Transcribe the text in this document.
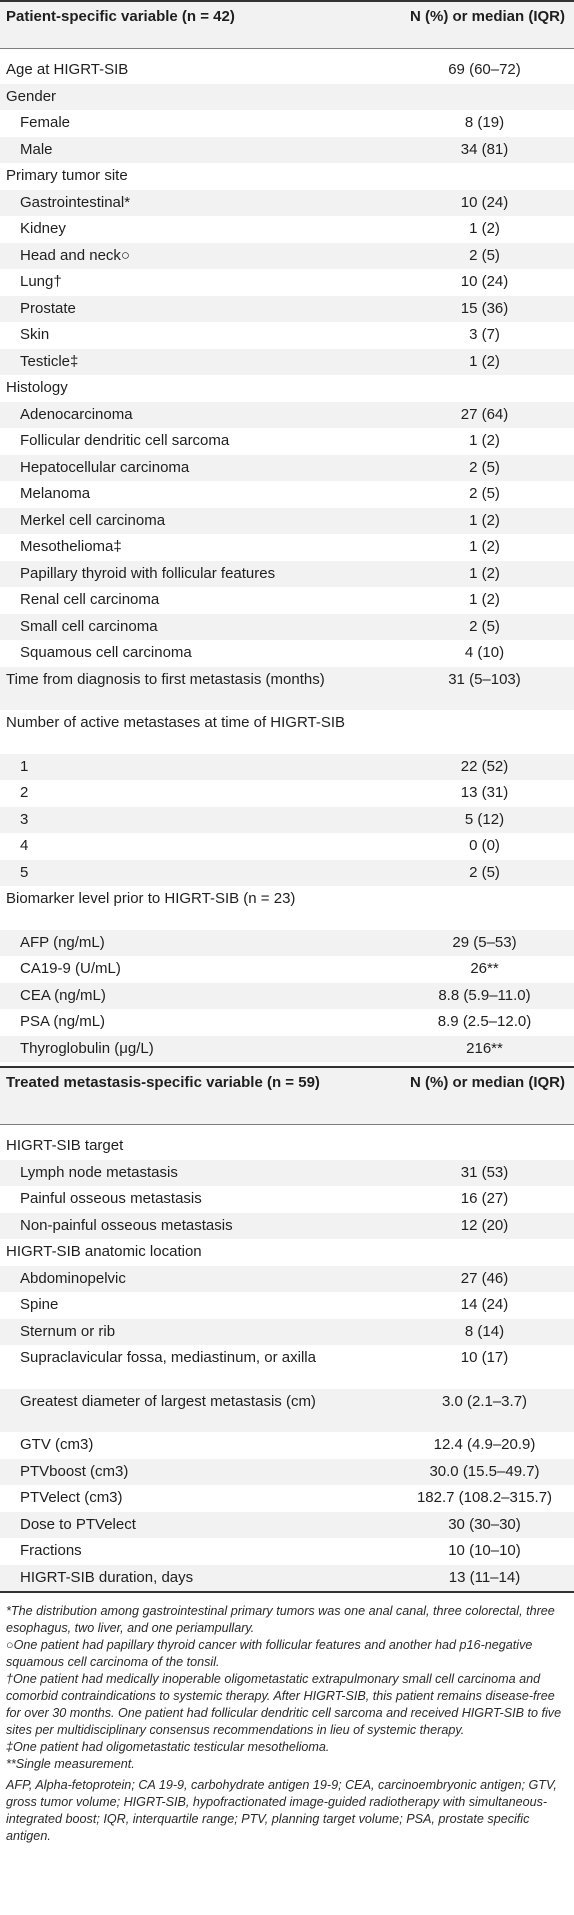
Patient-specific variable (n = 42)	N (%) or median (IQR)
Age at HIGRT-SIB	69 (60–72)
Gender
Female	8 (19)
Male	34 (81)
Primary tumor site
Gastrointestinal*	10 (24)
Kidney	1 (2)
Head and neck○	2 (5)
Lung†	10 (24)
Prostate	15 (36)
Skin	3 (7)
Testicle‡	1 (2)
Histology
Adenocarcinoma	27 (64)
Follicular dendritic cell sarcoma	1 (2)
Hepatocellular carcinoma	2 (5)
Melanoma	2 (5)
Merkel cell carcinoma	1 (2)
Mesothelioma‡	1 (2)
Papillary thyroid with follicular features	1 (2)
Renal cell carcinoma	1 (2)
Small cell carcinoma	2 (5)
Squamous cell carcinoma	4 (10)
Time from diagnosis to first metastasis (months)	31 (5–103)
Number of active metastases at time of HIGRT-SIB
1	22 (52)
2	13 (31)
3	5 (12)
4	0 (0)
5	2 (5)
Biomarker level prior to HIGRT-SIB (n = 23)
AFP (ng/mL)	29 (5–53)
CA19-9 (U/mL)	26**
CEA (ng/mL)	8.8 (5.9–11.0)
PSA (ng/mL)	8.9 (2.5–12.0)
Thyroglobulin (μg/L)	216**
Treated metastasis-specific variable (n = 59)	N (%) or median (IQR)
HIGRT-SIB target
Lymph node metastasis	31 (53)
Painful osseous metastasis	16 (27)
Non-painful osseous metastasis	12 (20)
HIGRT-SIB anatomic location
Abdominopelvic	27 (46)
Spine	14 (24)
Sternum or rib	8 (14)
Supraclavicular fossa, mediastinum, or axilla	10 (17)
Greatest diameter of largest metastasis (cm)	3.0 (2.1–3.7)
GTV (cm3)	12.4 (4.9–20.9)
PTVboost (cm3)	30.0 (15.5–49.7)
PTVelect (cm3)	182.7 (108.2–315.7)
Dose to PTVelect	30 (30–30)
Fractions	10 (10–10)
HIGRT-SIB duration, days	13 (11–14)

*The distribution among gastrointestinal primary tumors was one anal canal, three colorectal, three esophagus, two liver, and one periampullary.

○One patient had papillary thyroid cancer with follicular features and another had p16-negative squamous cell carcinoma of the tonsil.

†One patient had medically inoperable oligometastatic extrapulmonary small cell carcinoma and comorbid contraindications to systemic therapy. After HIGRT-SIB, this patient remains disease-free for over 30 months. One patient had follicular dendritic cell sarcoma and received HIGRT-SIB to five sites per multidisciplinary consensus recommendations in lieu of systemic therapy.

‡One patient had oligometastatic testicular mesothelioma.

**Single measurement.

AFP, Alpha-fetoprotein; CA 19-9, carbohydrate antigen 19-9; CEA, carcinoembryonic antigen; GTV, gross tumor volume; HIGRT-SIB, hypofractionated image-guided radiotherapy with simultaneous-integrated boost; IQR, interquartile range; PTV, planning target volume; PSA, prostate specific antigen.
